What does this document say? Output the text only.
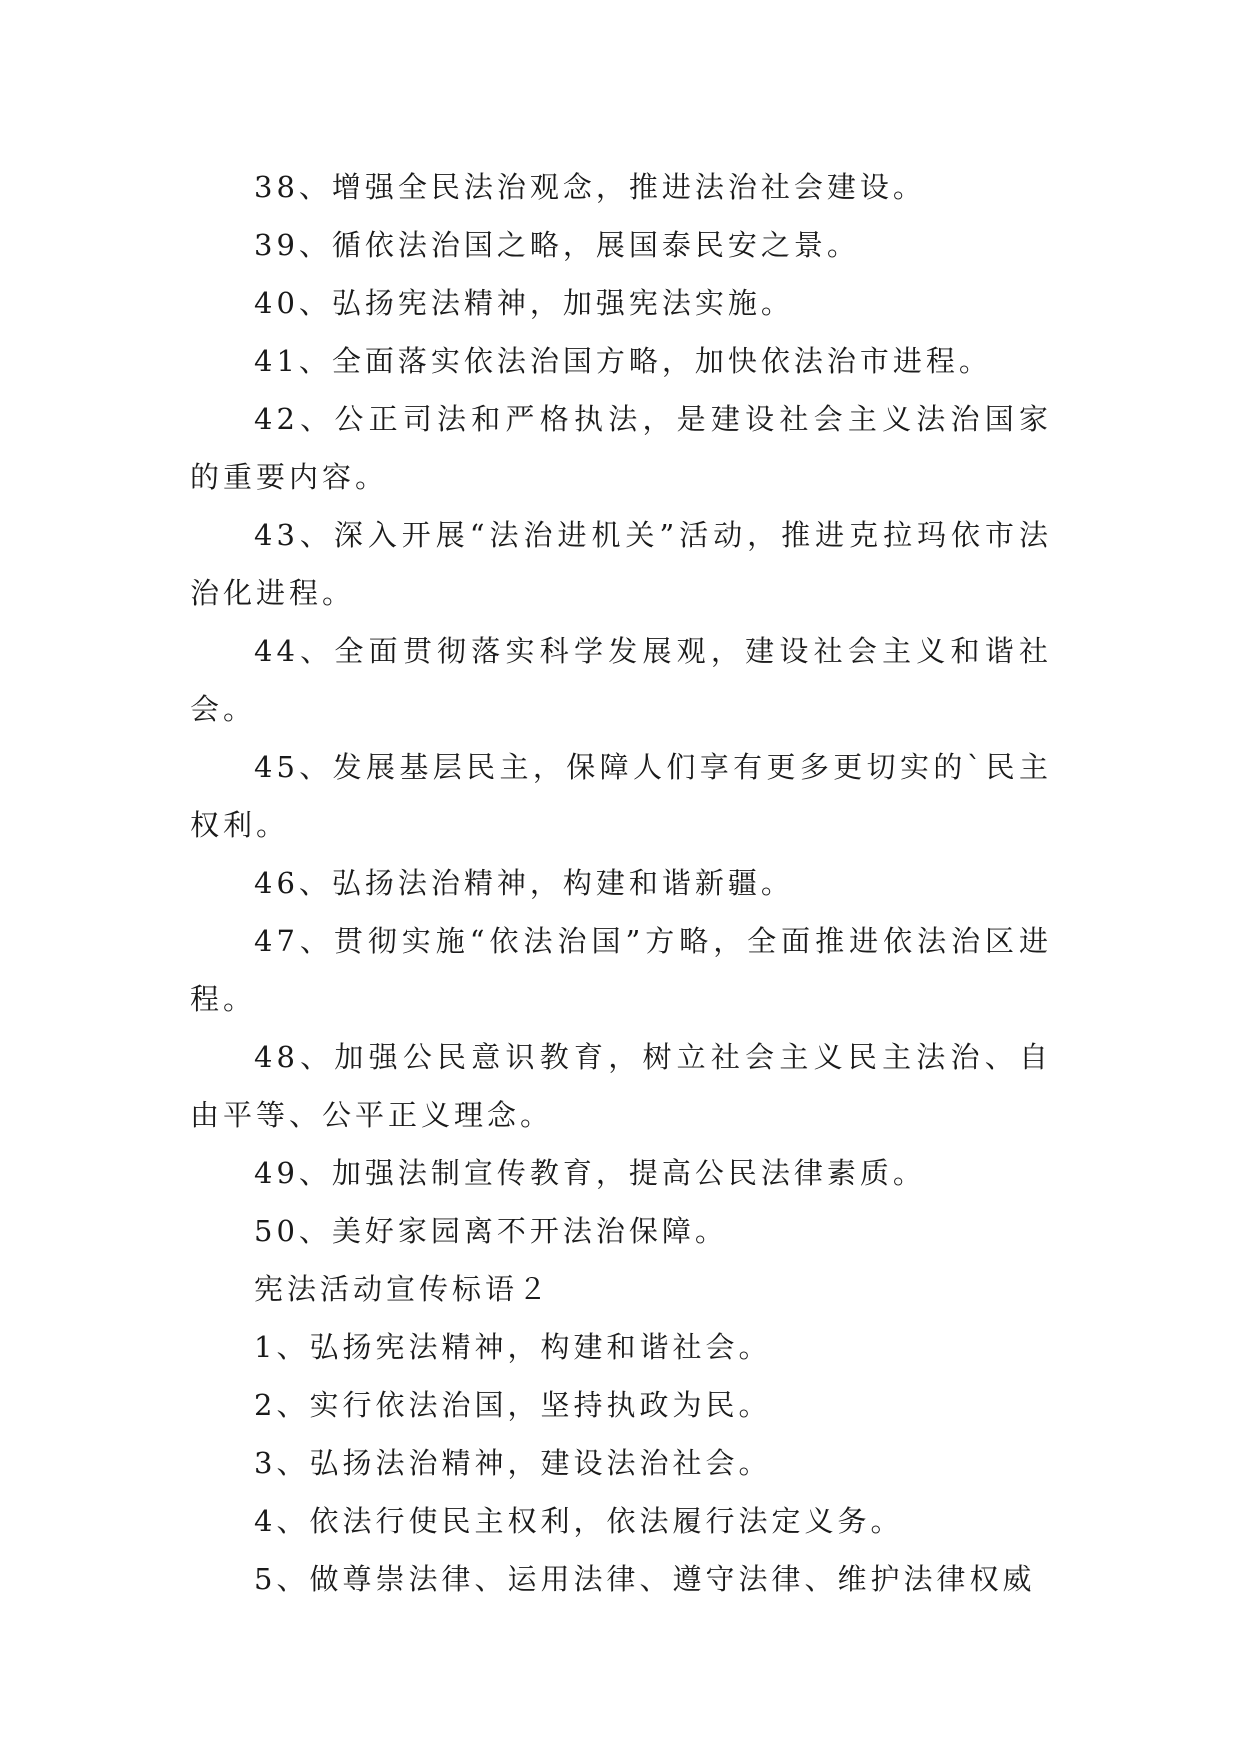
38、增强全民法治观念，推进法治社会建设。

39、循依法治国之略，展国泰民安之景。

40、弘扬宪法精神，加强宪法实施。

41、全面落实依法治国方略，加快依法治市进程。

42、公正司法和严格执法，是建设社会主义法治国家的重要内容。

43、深入开展“法治进机关”活动，推进克拉玛依市法治化进程。

44、全面贯彻落实科学发展观，建设社会主义和谐社会。

45、发展基层民主，保障人们享有更多更切实的`民主权利。

46、弘扬法治精神，构建和谐新疆。

47、贯彻实施“依法治国”方略，全面推进依法治区进程。

48、加强公民意识教育，树立社会主义民主法治、自由平等、公平正义理念。

49、加强法制宣传教育，提高公民法律素质。

50、美好家园离不开法治保障。

宪法活动宣传标语２

1、弘扬宪法精神，构建和谐社会。

2、实行依法治国，坚持执政为民。

3、弘扬法治精神，建设法治社会。

4、依法行使民主权利，依法履行法定义务。

5、做尊崇法律、运用法律、遵守法律、维护法律权威
